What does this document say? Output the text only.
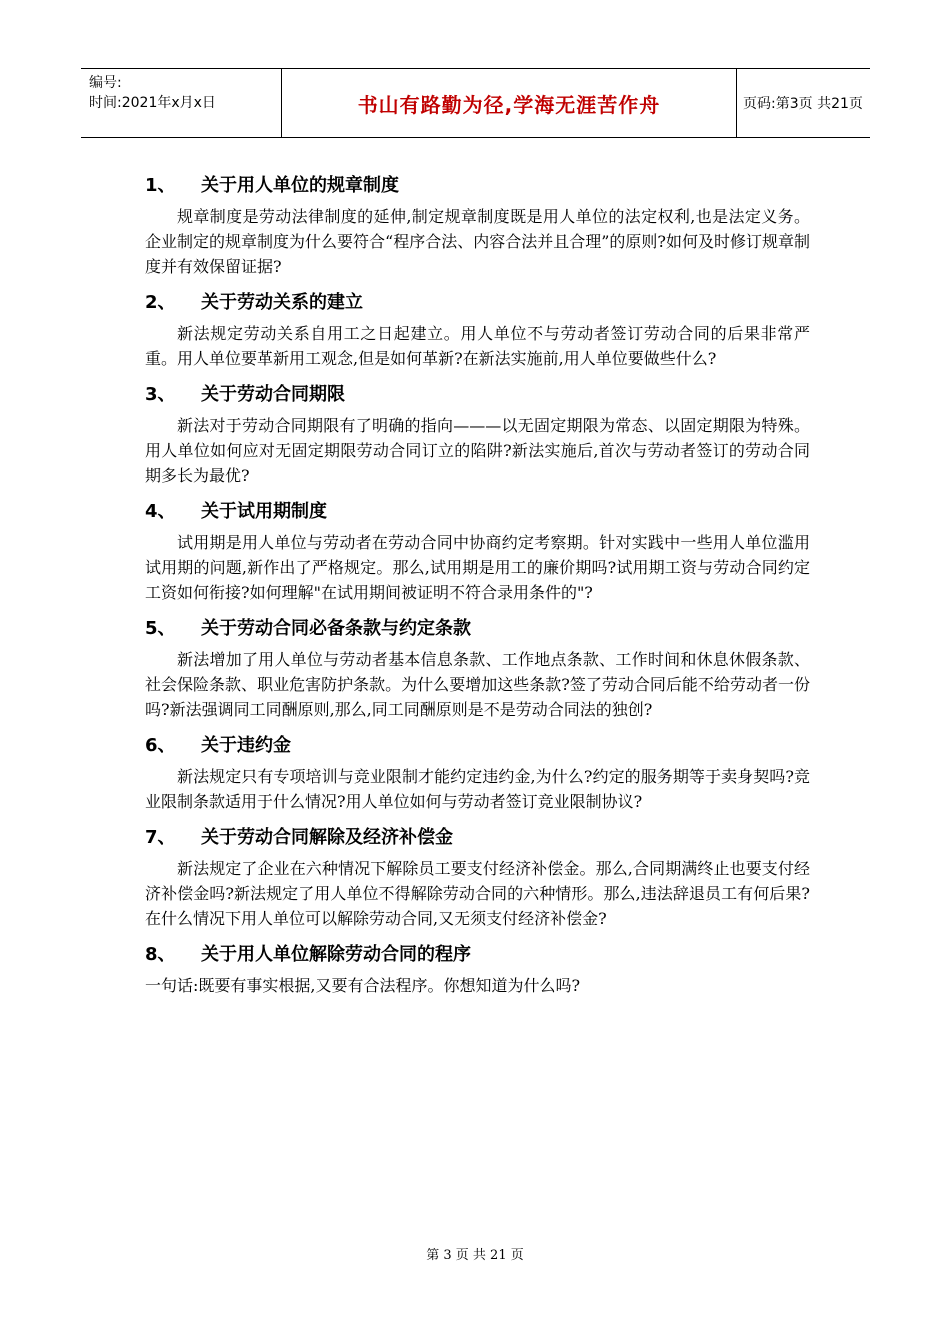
编号:
时间:2021年x月x日	书山有路勤为径,学海无涯苦作舟	页码:第3页 共21页
1、 关于用人单位的规章制度

规章制度是劳动法律制度的延伸,制定规章制度既是用人单位的法定权利,也是法定义务。企业制定的规章制度为什么要符合“程序合法、内容合法并且合理”的原则?如何及时修订规章制度并有效保留证据?

2、 关于劳动关系的建立

新法规定劳动关系自用工之日起建立。用人单位不与劳动者签订劳动合同的后果非常严重。用人单位要革新用工观念,但是如何革新?在新法实施前,用人单位要做些什么?

3、 关于劳动合同期限

新法对于劳动合同期限有了明确的指向———以无固定期限为常态、以固定期限为特殊。用人单位如何应对无固定期限劳动合同订立的陷阱?新法实施后,首次与劳动者签订的劳动合同期多长为最优?

4、 关于试用期制度

试用期是用人单位与劳动者在劳动合同中协商约定考察期。针对实践中一些用人单位滥用试用期的问题,新作出了严格规定。那么,试用期是用工的廉价期吗?试用期工资与劳动合同约定工资如何衔接?如何理解"在试用期间被证明不符合录用条件的"?

5、 关于劳动合同必备条款与约定条款

新法增加了用人单位与劳动者基本信息条款、工作地点条款、工作时间和休息休假条款、社会保险条款、职业危害防护条款。为什么要增加这些条款?签了劳动合同后能不给劳动者一份吗?新法强调同工同酬原则,那么,同工同酬原则是不是劳动合同法的独创?

6、 关于违约金

新法规定只有专项培训与竞业限制才能约定违约金,为什么?约定的服务期等于卖身契吗?竞业限制条款适用于什么情况?用人单位如何与劳动者签订竞业限制协议?

7、 关于劳动合同解除及经济补偿金

新法规定了企业在六种情况下解除员工要支付经济补偿金。那么,合同期满终止也要支付经济补偿金吗?新法规定了用人单位不得解除劳动合同的六种情形。那么,违法辞退员工有何后果?在什么情况下用人单位可以解除劳动合同,又无须支付经济补偿金?

8、 关于用人单位解除劳动合同的程序

一句话:既要有事实根据,又要有合法程序。你想知道为什么吗?

第 3 页 共 21 页
